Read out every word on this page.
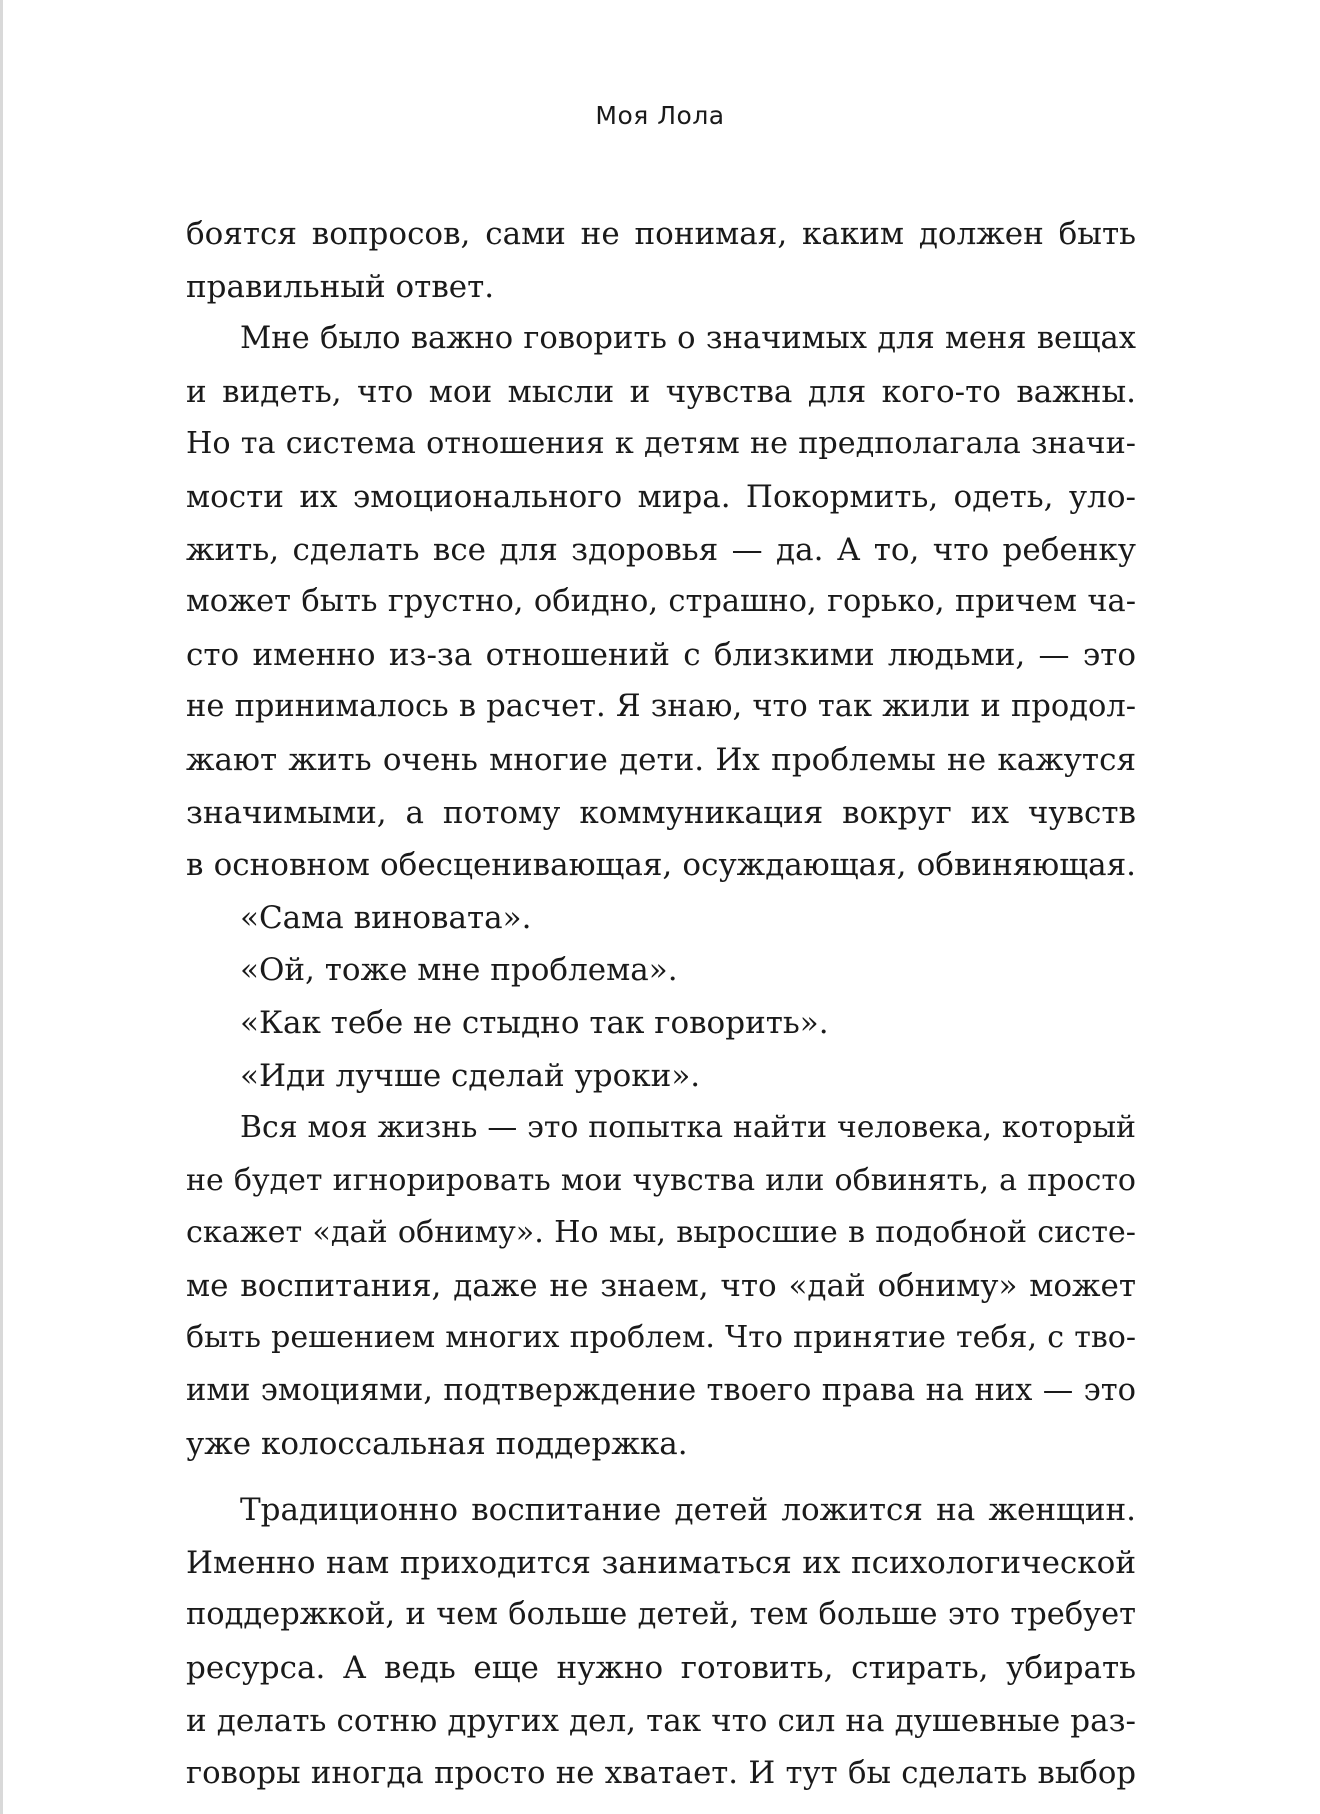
Моя Лола
боятся вопросов, сами не понимая, каким должен быть
правильный ответ.
Мне было важно говорить о значимых для меня вещах
и видеть, что мои мысли и чувства для кого-то важны.
Но та система отношения к детям не предполагала значи-
мости их эмоционального мира. Покормить, одеть, уло-
жить, сделать все для здоровья — да. А то, что ребенку
может быть грустно, обидно, страшно, горько, причем ча-
сто именно из-за отношений с близкими людьми, — это
не принималось в расчет. Я знаю, что так жили и продол-
жают жить очень многие дети. Их проблемы не кажутся
значимыми, а потому коммуникация вокруг их чувств
в основном обесценивающая, осуждающая, обвиняющая.
«Сама виновата».
«Ой, тоже мне проблема».
«Как тебе не стыдно так говорить».
«Иди лучше сделай уроки».
Вся моя жизнь — это попытка найти человека, который
не будет игнорировать мои чувства или обвинять, а просто
скажет «дай обниму». Но мы, выросшие в подобной систе-
ме воспитания, даже не знаем, что «дай обниму» может
быть решением многих проблем. Что принятие тебя, с тво-
ими эмоциями, подтверждение твоего права на них — это
уже колоссальная поддержка.
Традиционно воспитание детей ложится на женщин.
Именно нам приходится заниматься их психологической
поддержкой, и чем больше детей, тем больше это требует
ресурса. А ведь еще нужно готовить, стирать, убирать
и делать сотню других дел, так что сил на душевные раз-
говоры иногда просто не хватает. И тут бы сделать выбор
